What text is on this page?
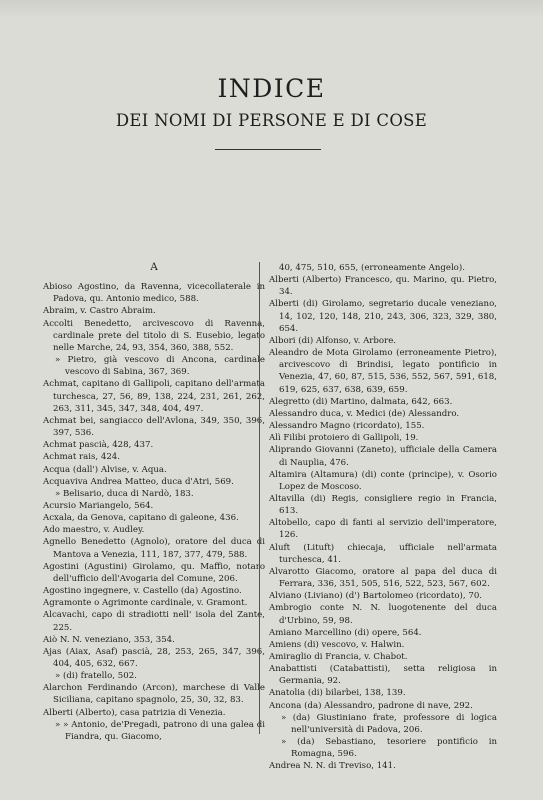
INDICE
DEI NOMI DI PERSONE E DI COSE
A
Abioso Agostino, da Ravenna, vicecollaterale in Padova, qu. Antonio medico, 588.
Abraim, v. Castro Abraim.
Accolti Benedetto, arcivescovo di Ravenna, cardinale prete del titolo di S. Eusebio, legato nelle Marche, 24, 93, 354, 360, 388, 552.
» Pietro, già vescovo di Ancona, cardinale vescovo di Sabina, 367, 369.
Achmat, capitano di Gallipoli, capitano dell'armata turchesca, 27, 56, 89, 138, 224, 231, 261, 262, 263, 311, 345, 347, 348, 404, 497.
Achmat bei, sangiacco dell'Avlona, 349, 350, 396, 397, 536.
Achmat pascià, 428, 437.
Achmat rais, 424.
Acqua (dall') Alvise, v. Aqua.
Acquaviva Andrea Matteo, duca d'Atri, 569.
» Belisario, duca di Nardò, 183.
Acursio Mariangelo, 564.
Acxala, da Genova, capitano di galeone, 436.
Ado maestro, v. Audley.
Agnello Benedetto (Agnolo), oratore del duca di Mantova a Venezia, 111, 187, 377, 479, 588.
Agostini (Agustini) Girolamo, qu. Maffio, notaro dell'ufficio dell'Avogaria del Comune, 206.
Agostino ingegnere, v. Castello (da) Agostino.
Agramonte o Agrimonte cardinale, v. Gramont.
Alcavachi, capo di stradiotti nell' isola del Zante, 225.
Aiò N. N. veneziano, 353, 354.
Ajas (Aiax, Asaf) pascià, 28, 253, 265, 347, 396, 404, 405, 632, 667.
» (di) fratello, 502.
Alarchon Ferdinando (Arcon), marchese di Valle Siciliana, capitano spagnolo, 25, 30, 32, 83.
Alberti (Alberto), casa patrizia di Venezia.
» » Antonio, de'Pregadi, patrono di una galea di Fiandra, qu. Giacomo,
40, 475, 510, 655, (erroneamente Angelo).
Alberti (Alberto) Francesco, qu. Marino, qu. Pietro, 34.
Alberti (di) Girolamo, segretario ducale veneziano, 14, 102, 120, 148, 210, 243, 306, 323, 329, 380, 654.
Albori (di) Alfonso, v. Arbore.
Aleandro de Mota Girolamo (erroneamente Pietro), arcivescovo di Brindisi, legato pontificio in Venezia, 47, 60, 87, 515, 536, 552, 567, 591, 618, 619, 625, 637, 638, 639, 659.
Alegretto (di) Martino, dalmata, 642, 663.
Alessandro duca, v. Medici (de) Alessandro.
Alessandro Magno (ricordato), 155.
Alì Filibi protoiero di Gallipoli, 19.
Aliprando Giovanni (Zaneto), ufficiale della Camera di Nauplia, 476.
Altamira (Altamura) (di) conte (principe), v. Osorio Lopez de Moscoso.
Altavilla (di) Regis, consigliere regio in Francia, 613.
Altobello, capo di fanti al servizio dell'imperatore, 126.
Aluft (Lituft) chiecaja, ufficiale nell'armata turchesca, 41.
Alvarotto Giacomo, oratore al papa del duca di Ferrara, 336, 351, 505, 516, 522, 523, 567, 602.
Alviano (Liviano) (d') Bartolomeo (ricordato), 70.
Ambrogio conte N. N. luogotenente del duca d'Urbino, 59, 98.
Amiano Marcellino (di) opere, 564.
Amiens (di) vescovo, v. Halwin.
Amiraglio di Francia, v. Chabot.
Anabattisti (Catabattisti), setta religiosa in Germania, 92.
Anatolia (di) bilarbei, 138, 139.
Ancona (da) Alessandro, padrone di nave, 292.
» (da) Giustiniano frate, professore di logica nell'università di Padova, 206.
» (da) Sebastiano, tesoriere pontificio in Romagna, 596.
Andrea N. N. di Treviso, 141.
